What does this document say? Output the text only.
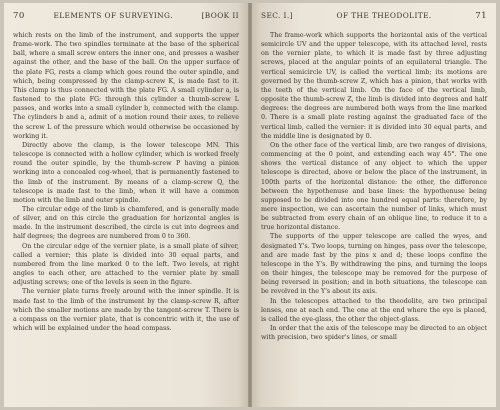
70	ELEMENTS OF SURVEYING.	[BOOK II

which rests on the limb of the instrument, and supports the upper frame-work. The two spindles terminate at the base of the spherical ball, where a small screw enters the inner one, and presses a washer against the other, and the base of the ball. On the upper surface of the plate FG, rests a clamp which goes round the outer spindle, and which, being compressed by the clamp-screw K, is made fast to it. This clamp is thus connected with the plate FG. A small cylinder a, is fastened to the plate FG: through this cylinder a thumb-screw L passes, and works into a small cylinder b, connected with the clamp. The cylinders b and a, admit of a motion round their axes, to relieve the screw L of the pressure which would otherwise be occasioned by working it.

Directly above the clamp, is the lower telescope MN. This telescope is connected with a hollow cylinder, which is worked freely round the outer spindle, by the thumb-screw P having a pinion working into a concealed cog-wheel, that is permanently fastened to the limb of the instrument. By means of a clamp-screw Q, the telescope is made fast to the limb, when it will have a common motion with the limb and outer spindle.

The circular edge of the limb is chamfered, and is generally made of silver, and on this circle the graduation for horizontal angles is made. In the instrument described, the circle is cut into degrees and half degrees; the degrees are numbered from 0 to 360.

On the circular edge of the vernier plate, is a small plate of silver, called a vernier; this plate is divided into 30 equal parts, and numbered from the line marked 0 to the left. Two levels, at right angles to each other, are attached to the vernier plate by small adjusting screws; one of the levels is seen in the figure.

The vernier plate turns freely around with the inner spindle. It is made fast to the limb of the instrument by the clamp-screw R, after which the smaller motions are made by the tangent-screw T. There is a compass on the vernier plate, that is concentric with it, the use of which will be explained under the head compass.

SEC. I.]	OF THE THEODOLITE.	71

The frame-work which supports the horizontal axis of the vertical semicircle UV and the upper telescope, with its attached level, rests on the vernier plate, to which it is made fast by three adjusting screws, placed at the angular points of an equilateral triangle. The vertical semicircle UV, is called the vertical limb; its motions are governed by the thumb-screw Z, which has a pinion, that works with the teeth of the vertical limb. On the face of the vertical limb, opposite the thumb-screw Z, the limb is divided into degrees and half degrees: the degrees are numbered both ways from the line marked 0. There is a small plate resting against the graduated face of the vertical limb, called the vernier: it is divided into 30 equal parts, and the middle line is designated by 0.

On the other face of the vertical limb, are two ranges of divisions, commencing at the 0 point, and extending each way 45°. The one shows the vertical distance of any object to which the upper telescope is directed, above or below the place of the instrument, in 100th parts of the horizontal distance: the other, the difference between the hypothenuse and base lines: the hypothenuse being supposed to be divided into one hundred equal parts: therefore, by mere inspection, we can ascertain the number of links, which must be subtracted from every chain of an oblique line, to reduce it to a true horizontal distance.

The supports of the upper telescope are called the wyes, and designated Y's. Two loops, turning on hinges, pass over the telescope, and are made fast by the pins x and d; these loops confine the telescope in the Y's. By withdrawing the pins, and turning the loops on their hinges, the telescope may be removed for the purpose of being reversed in position; and in both situations, the telescope can be revolved in the Y's about its axis.

In the telescopes attached to the theodolite, are two principal lenses, one at each end. The one at the end where the eye is placed, is called the eye-glass, the other the object-glass.

In order that the axis of the telescope may be directed to an object with precision, two spider's lines, or small
